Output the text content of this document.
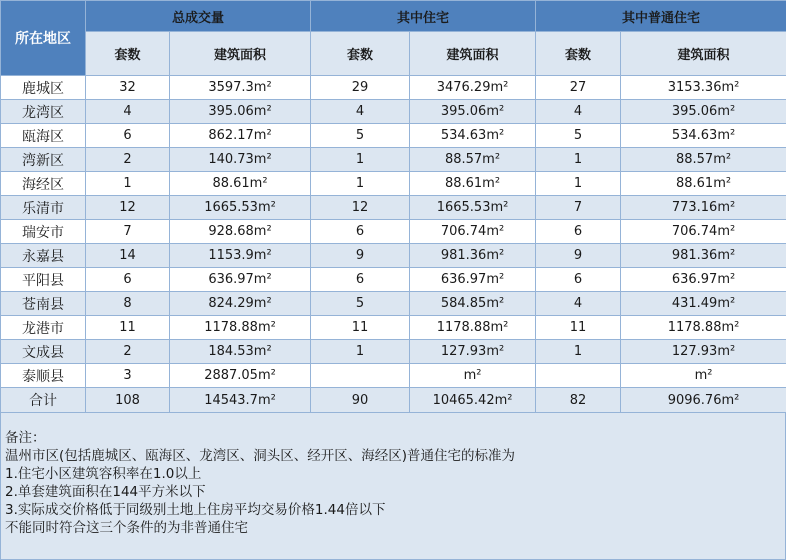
所在地区	总成交量		其中住宅		其中普通住宅	
	套数	建筑面积	套数	建筑面积	套数	建筑面积
鹿城区	32	3597.3m²	29	3476.29m²	27	3153.36m²
龙湾区	4	395.06m²	4	395.06m²	4	395.06m²
瓯海区	6	862.17m²	5	534.63m²	5	534.63m²
湾新区	2	140.73m²	1	88.57m²	1	88.57m²
海经区	1	88.61m²	1	88.61m²	1	88.61m²
乐清市	12	1665.53m²	12	1665.53m²	7	773.16m²
瑞安市	7	928.68m²	6	706.74m²	6	706.74m²
永嘉县	14	1153.9m²	9	981.36m²	9	981.36m²
平阳县	6	636.97m²	6	636.97m²	6	636.97m²
苍南县	8	824.29m²	5	584.85m²	4	431.49m²
龙港市	11	1178.88m²	11	1178.88m²	11	1178.88m²
文成县	2	184.53m²	1	127.93m²	1	127.93m²
泰顺县	3	2887.05m²		m²		m²
合计	108	14543.7m²	90	10465.42m²	82	9096.76m²
备注：
温州市区(包括鹿城区、瓯海区、龙湾区、洞头区、经开区、海经区)普通住宅的标准为
1.住宅小区建筑容积率在1.0以上
2.单套建筑面积在144平方米以下
3.实际成交价格低于同级别土地上住房平均交易价格1.44倍以下
不能同时符合这三个条件的为非普通住宅
